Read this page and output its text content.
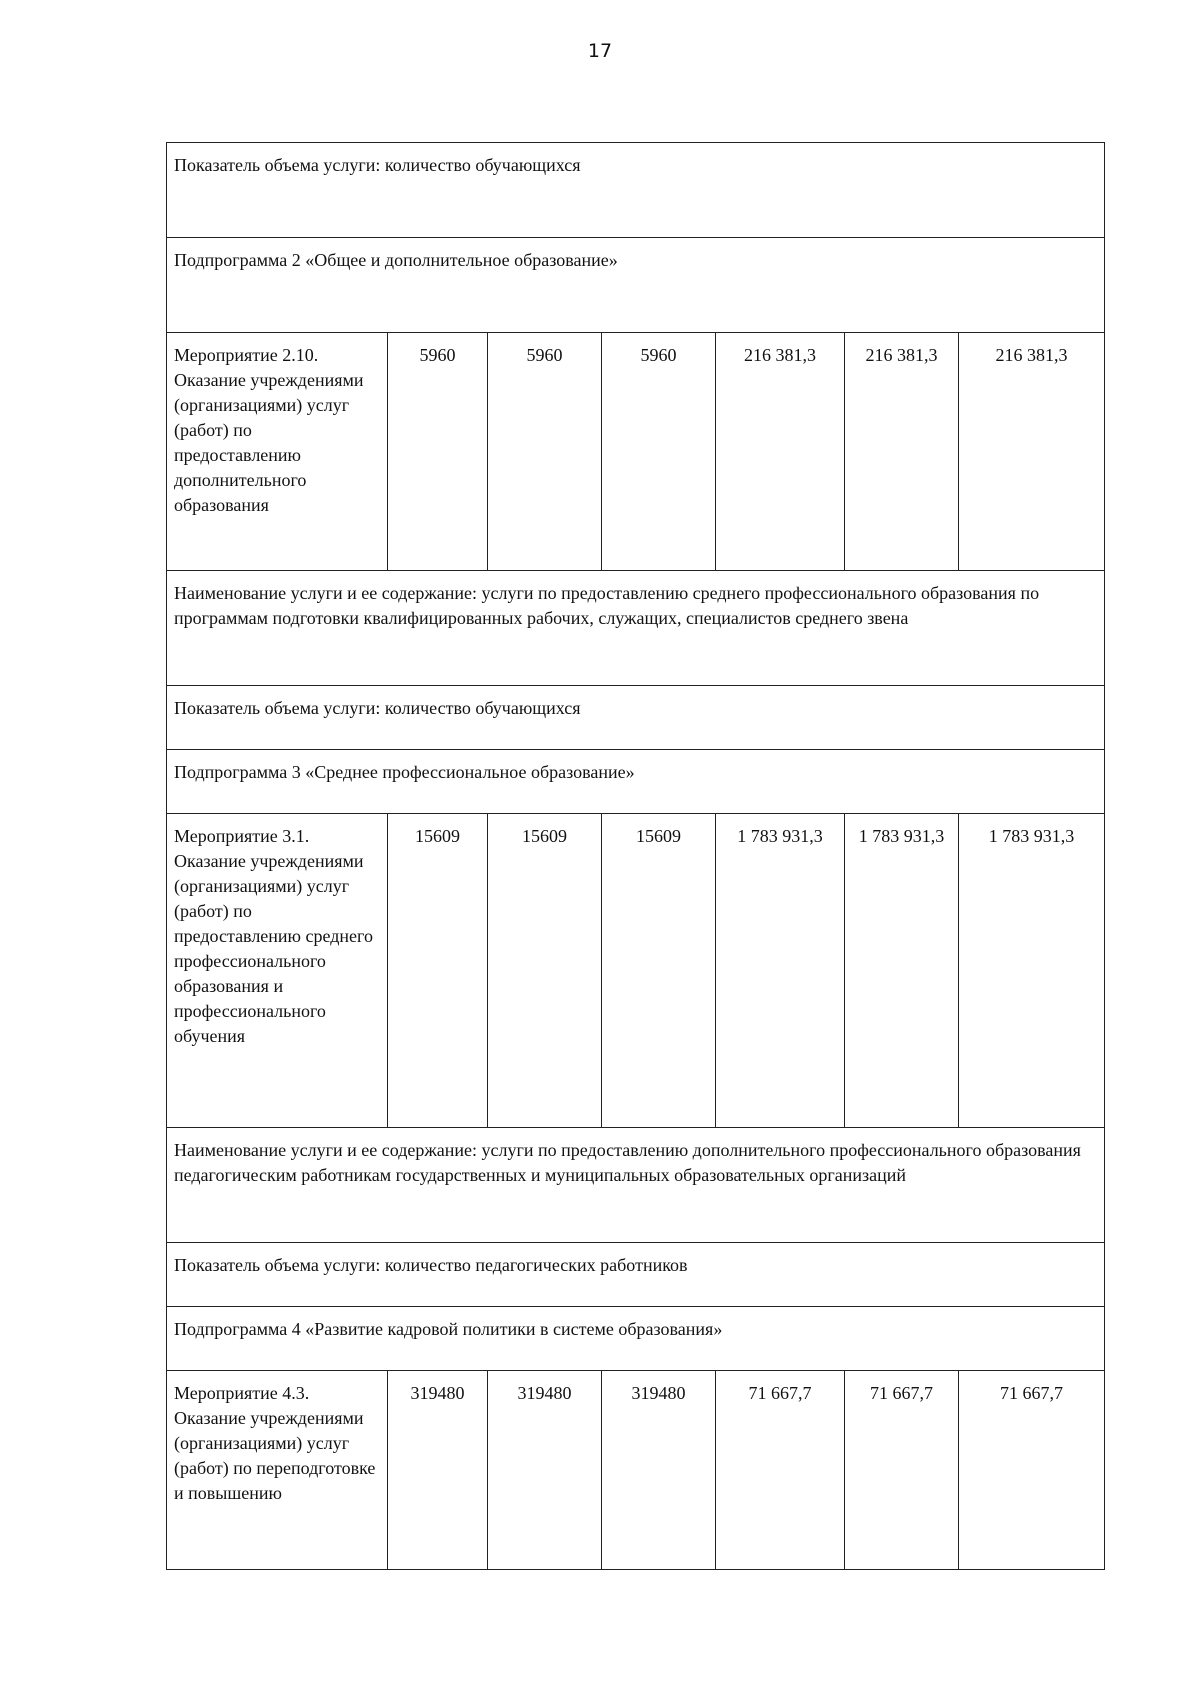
17
Показатель объема услуги: количество обучающихся						
Подпрограмма 2 «Общее и дополнительное образование»						
Мероприятие 2.10. Оказание учреждениями (организациями) услуг (работ) по предоставлению дополнительного образования	5960	5960	5960	216 381,3	216 381,3	216 381,3
Наименование услуги и ее содержание: услуги по предоставлению среднего профессионального образования по программам подготовки квалифицированных рабочих, служащих, специалистов среднего звена						
Показатель объема услуги: количество обучающихся						
Подпрограмма 3 «Среднее профессиональное образование»						
Мероприятие 3.1. Оказание учреждениями (организациями) услуг (работ) по предоставлению среднего профессионального образования и профессионального обучения	15609	15609	15609	1 783 931,3	1 783 931,3	1 783 931,3
Наименование услуги и ее содержание: услуги по предоставлению дополнительного профессионального образования педагогическим работникам государственных и муниципальных образовательных организаций						
Показатель объема услуги: количество педагогических работников						
Подпрограмма 4 «Развитие кадровой политики в системе образования»						
Мероприятие 4.3. Оказание учреждениями (организациями) услуг (работ) по переподготовке и повышению	319480	319480	319480	71 667,7	71 667,7	71 667,7
